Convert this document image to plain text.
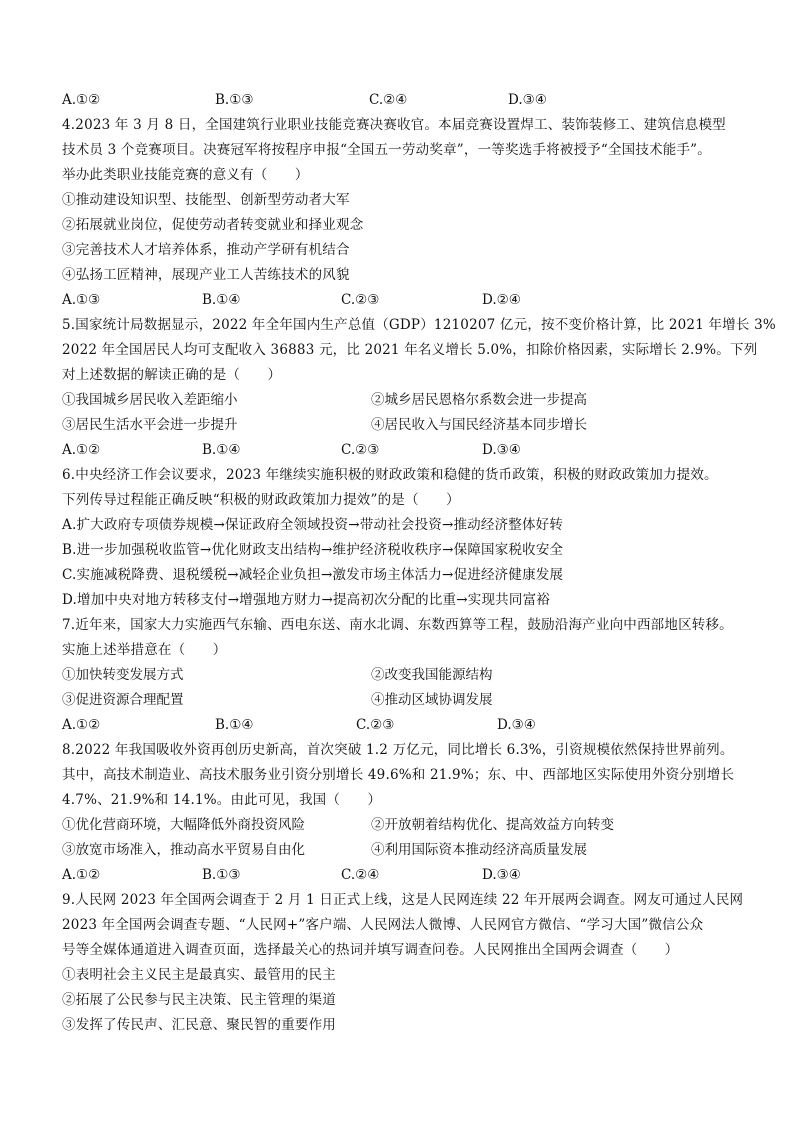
A.①②	B.①③	C.②④	D.③④
4.2023 年 3 月 8 日，全国建筑行业职业技能竞赛决赛收官。本届竞赛设置焊工、装饰装修工、建筑信息模型
技术员 3 个竞赛项目。决赛冠军将按程序申报“全国五一劳动奖章”，一等奖选手将被授予“全国技术能手”。
举办此类职业技能竞赛的意义有（　　）
①推动建设知识型、技能型、创新型劳动者大军
②拓展就业岗位，促使劳动者转变就业和择业观念
③完善技术人才培养体系，推动产学研有机结合
④弘扬工匠精神，展现产业工人苦练技术的风貌
A.①③	B.①④	C.②③	D.②④
5.国家统计局数据显示，2022 年全年国内生产总值（GDP）1210207 亿元，按不变价格计算，比 2021 年增长 3%
2022 年全国居民人均可支配收入 36883 元，比 2021 年名义增长 5.0%，扣除价格因素，实际增长 2.9%。下列
对上述数据的解读正确的是（　　）
①我国城乡居民收入差距缩小	②城乡居民恩格尔系数会进一步提高
③居民生活水平会进一步提升	④居民收入与国民经济基本同步增长
A.①②	B.①④	C.②③	D.③④
6.中央经济工作会议要求，2023 年继续实施积极的财政政策和稳健的货币政策，积极的财政政策加力提效。
下列传导过程能正确反映“积极的财政政策加力提效”的是（　　）
A.扩大政府专项债券规模→保证政府全领域投资→带动社会投资→推动经济整体好转
B.进一步加强税收监管→优化财政支出结构→维护经济税收秩序→保障国家税收安全
C.实施减税降费、退税缓税→减轻企业负担→激发市场主体活力→促进经济健康发展
D.增加中央对地方转移支付→增强地方财力→提高初次分配的比重→实现共同富裕
7.近年来，国家大力实施西气东输、西电东送、南水北调、东数西算等工程，鼓励沿海产业向中西部地区转移。
实施上述举措意在（　　）
①加快转变发展方式	②改变我国能源结构
③促进资源合理配置	④推动区域协调发展
A.①②	B.①④	C.②③	D.③④
8.2022 年我国吸收外资再创历史新高，首次突破 1.2 万亿元，同比增长 6.3%，引资规模依然保持世界前列。
其中，高技术制造业、高技术服务业引资分别增长 49.6%和 21.9%；东、中、西部地区实际使用外资分别增长
4.7%、21.9%和 14.1%。由此可见，我国（　　）
①优化营商环境，大幅降低外商投资风险	②开放朝着结构优化、提高效益方向转变
③放宽市场准入，推动高水平贸易自由化	④利用国际资本推动经济高质量发展
A.①②	B.①③	C.②④	D.③④
9.人民网 2023 年全国两会调查于 2 月 1 日正式上线，这是人民网连续 22 年开展两会调查。网友可通过人民网
2023 年全国两会调查专题、“人民网+”客户端、人民网法人微博、人民网官方微信、“学习大国”微信公众
号等全媒体通道进入调查页面，选择最关心的热词并填写调查问卷。人民网推出全国两会调查（　　）
①表明社会主义民主是最真实、最管用的民主
②拓展了公民参与民主决策、民主管理的渠道
③发挥了传民声、汇民意、聚民智的重要作用
